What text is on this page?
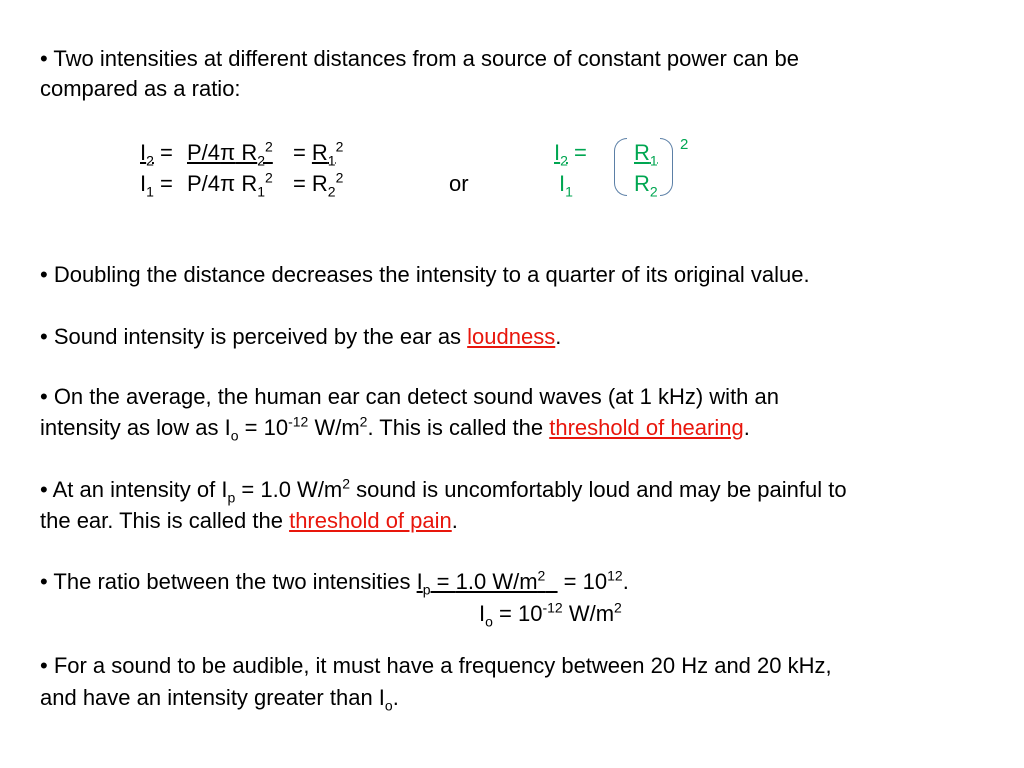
• Two intensities at different distances from a source of constant power can be
compared as a ratio:
$I_2 = P/4\pi$ $R_2^2 = R_1^2$
$I_1 = P/4\pi$ $R_1^2 = R_2^2$	or
$I_2$ =
$I_1$
$R_1$
$R_2$
2
• Doubling the distance decreases the intensity to a quarter of its original value.
• Sound intensity is perceived by the ear as loudness.
• On the average, the human ear can detect sound waves (at 1 kHz) with an
intensity as low as $I_o = 10^{-12}$ $W/m^2$. This is called the threshold of hearing.
• At an intensity of $I_p = 1.0$ $W/m^2$ sound is uncomfortably loud and may be painful to
the ear. This is called the threshold of pain.
• The ratio between the two intensities $I_p = 1.0$ $W/m^2 = 10^{12}$.
$I_o = 10^{-12}$ $W/m^2$
• For a sound to be audible, it must have a frequency between 20 Hz and 20 kHz,
and have an intensity greater than $I_o$.
